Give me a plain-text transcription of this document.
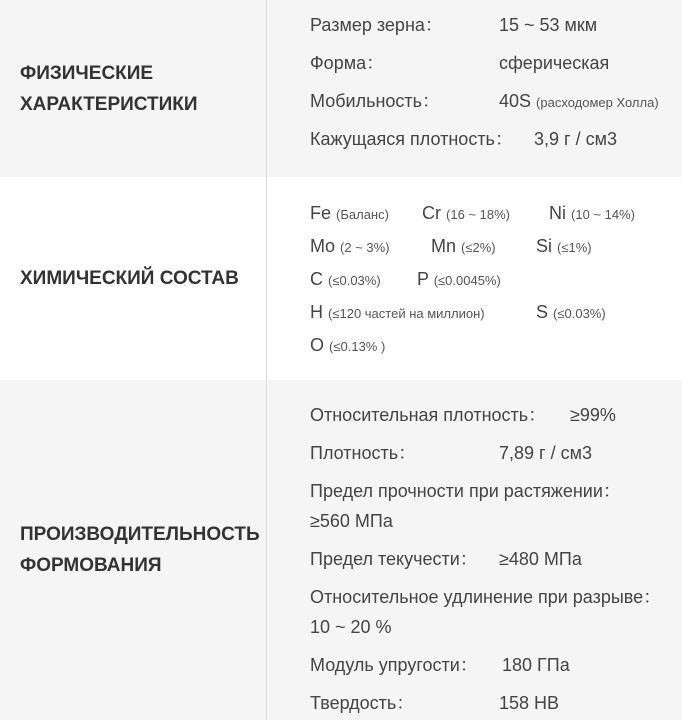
ФИЗИЧЕСКИЕ
ХАРАКТЕРИСТИКИ
Размер зерна：	15 ~ 53 мкм
Форма：	сферическая
Мобильность：	40S (расходомер Холла)
Кажущаяся плотность： 3,9 г / см3
ХИМИЧЕСКИЙ СОСТАВ
Fe (Баланс) Cr (16 ~ 18%) Ni (10 ~ 14%)
Mo (2 ~ 3%) Mn (≤2%) Si (≤1%)
C (≤0.03%) P (≤0.0045%)
H (≤120 частей на миллион)	S (≤0.03%)
O (≤0.13% )
ПРОИЗВОДИТЕЛЬНОСТЬ
ФОРМОВАНИЯ
Относительная плотность： ≥99%
Плотность：	7,89 г / см3
Предел прочности при растяжении：
≥560 МПа
Предел текучести： ≥480 МПа
Относительное удлинение при разрыве：
10 ~ 20 %
Модуль упругости： 180 ГПа
Твердость：	158 HB
